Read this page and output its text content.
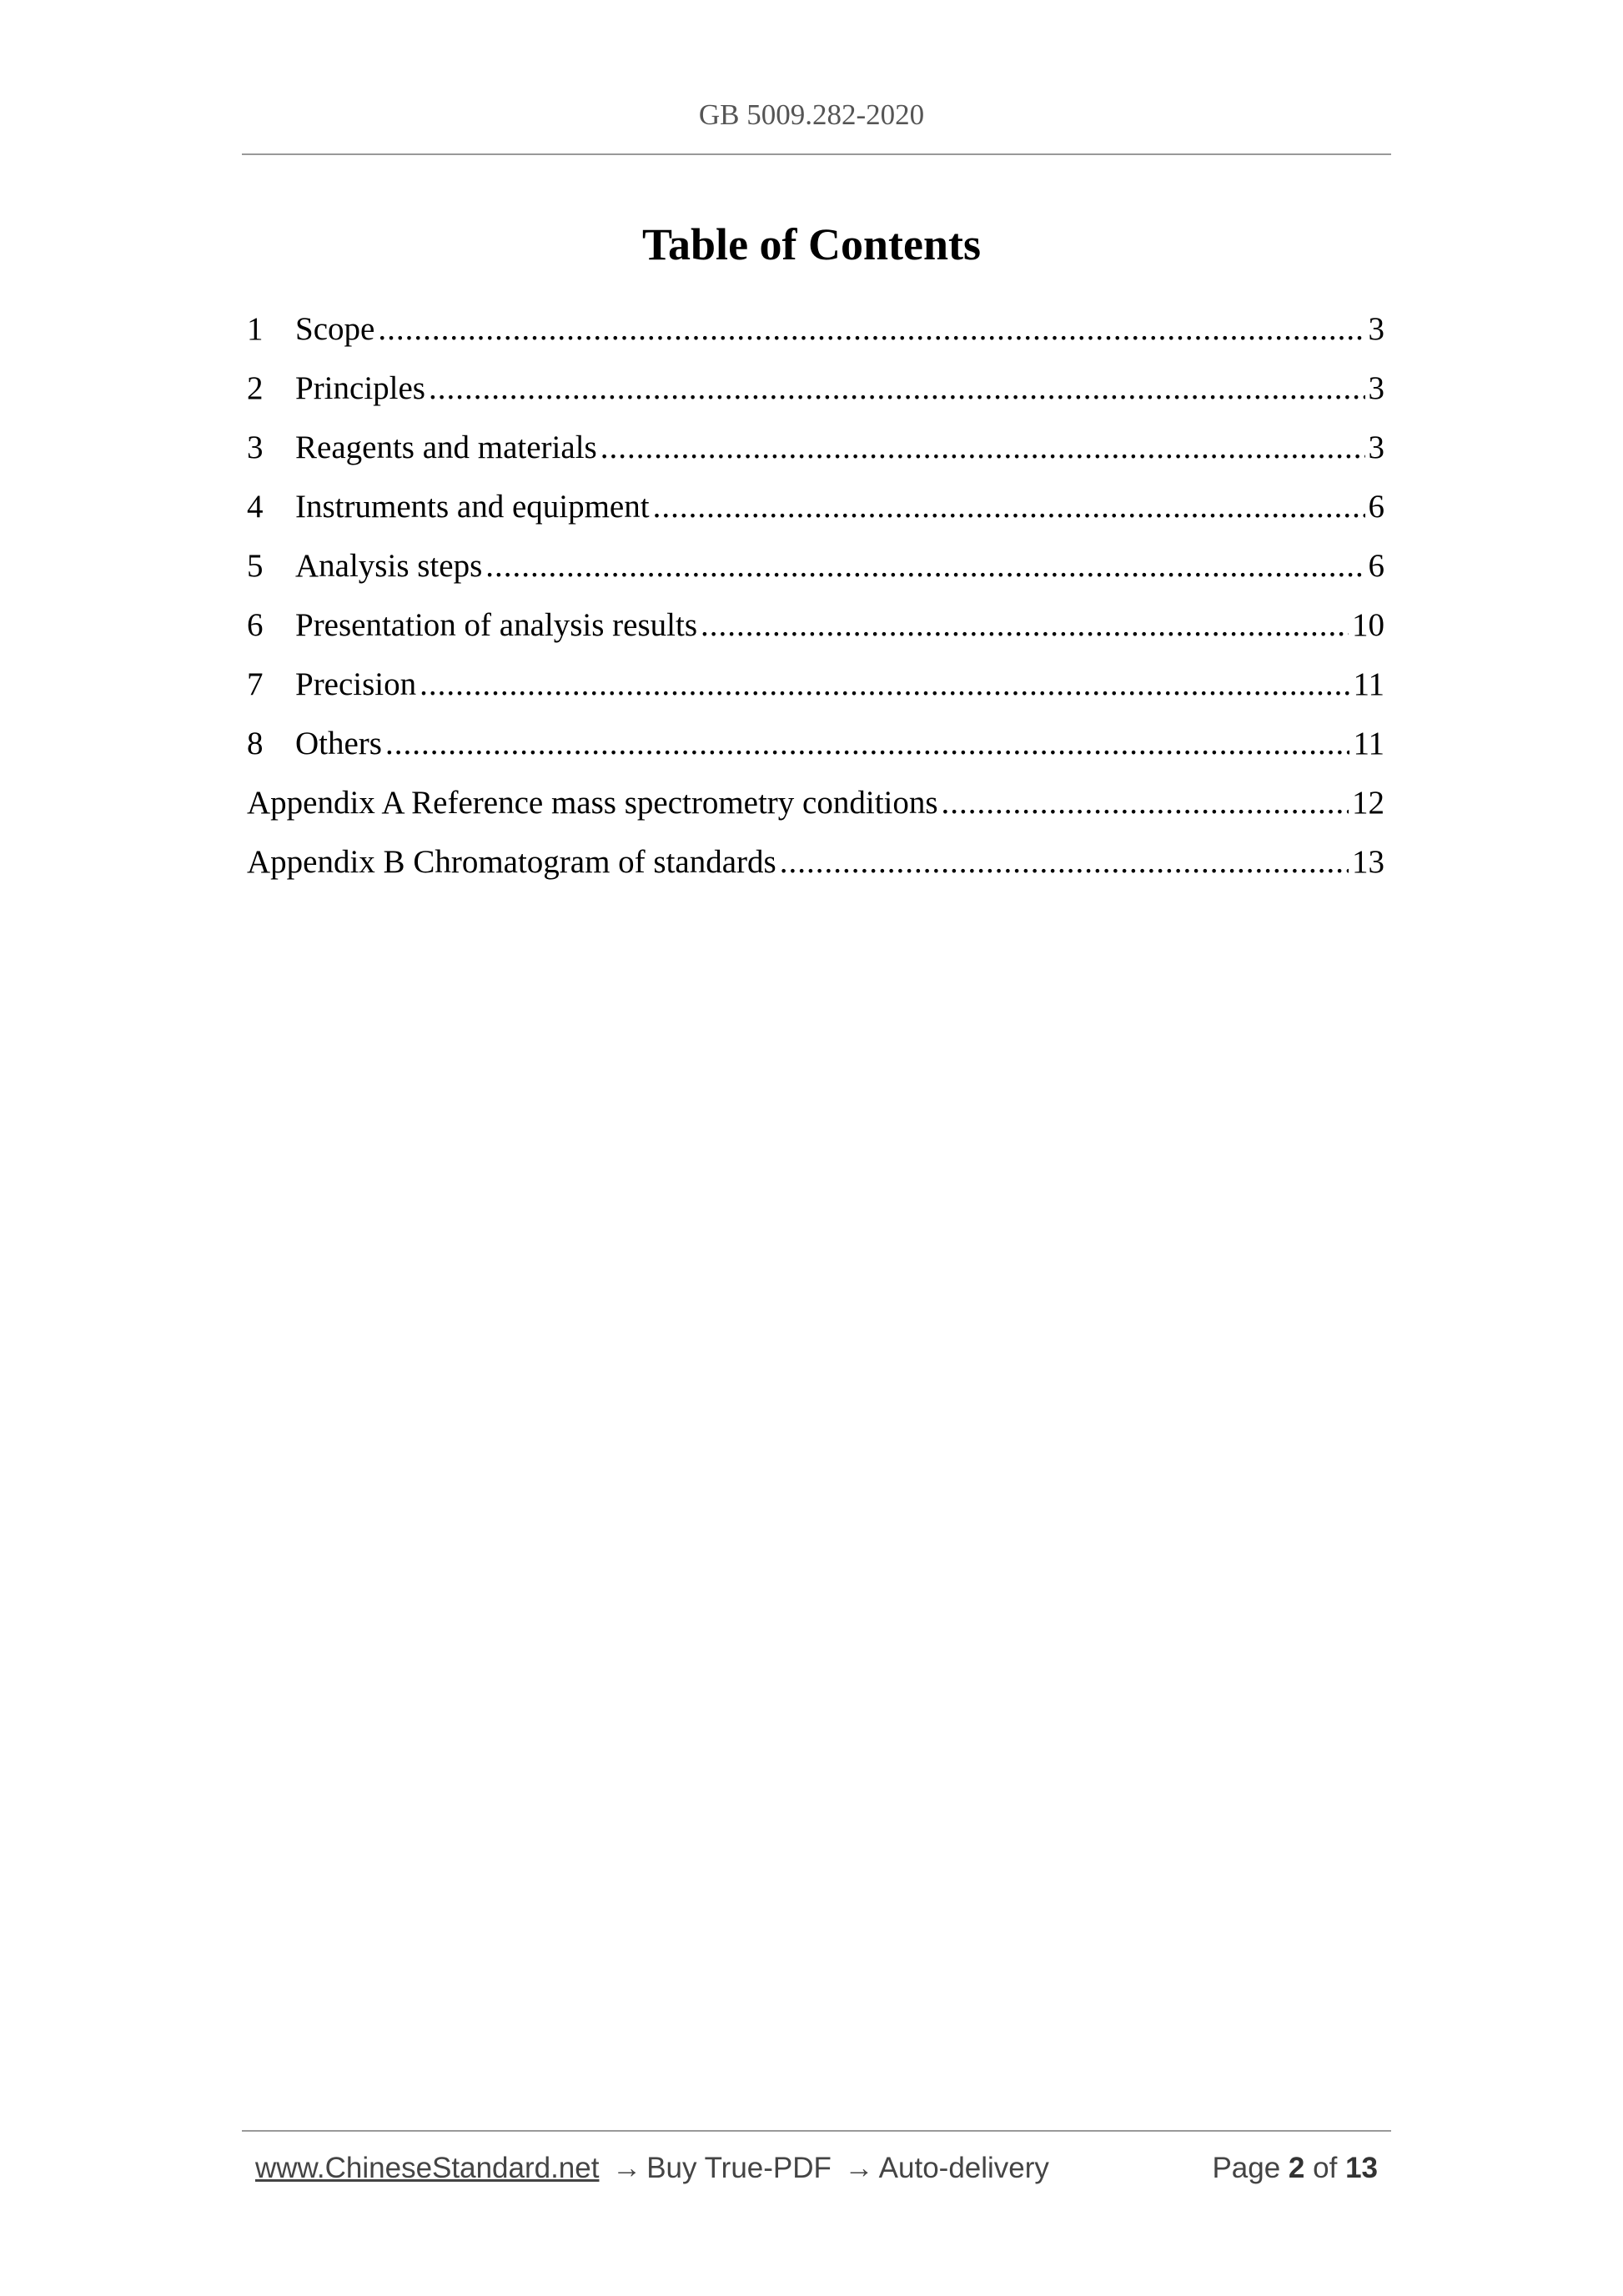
GB 5009.282-2020
Table of Contents
1 Scope .....	3
2 Principles .....	3
3 Reagents and materials .....	3
4 Instruments and equipment .....	6
5 Analysis steps .....	6
6 Presentation of analysis results .....	10
7 Precision .....	11
8 Others .....	11
Appendix A Reference mass spectrometry conditions .....	12
Appendix B Chromatogram of standards .....	13
www.ChineseStandard.net → Buy True-PDF → Auto-delivery	Page 2 of 13
